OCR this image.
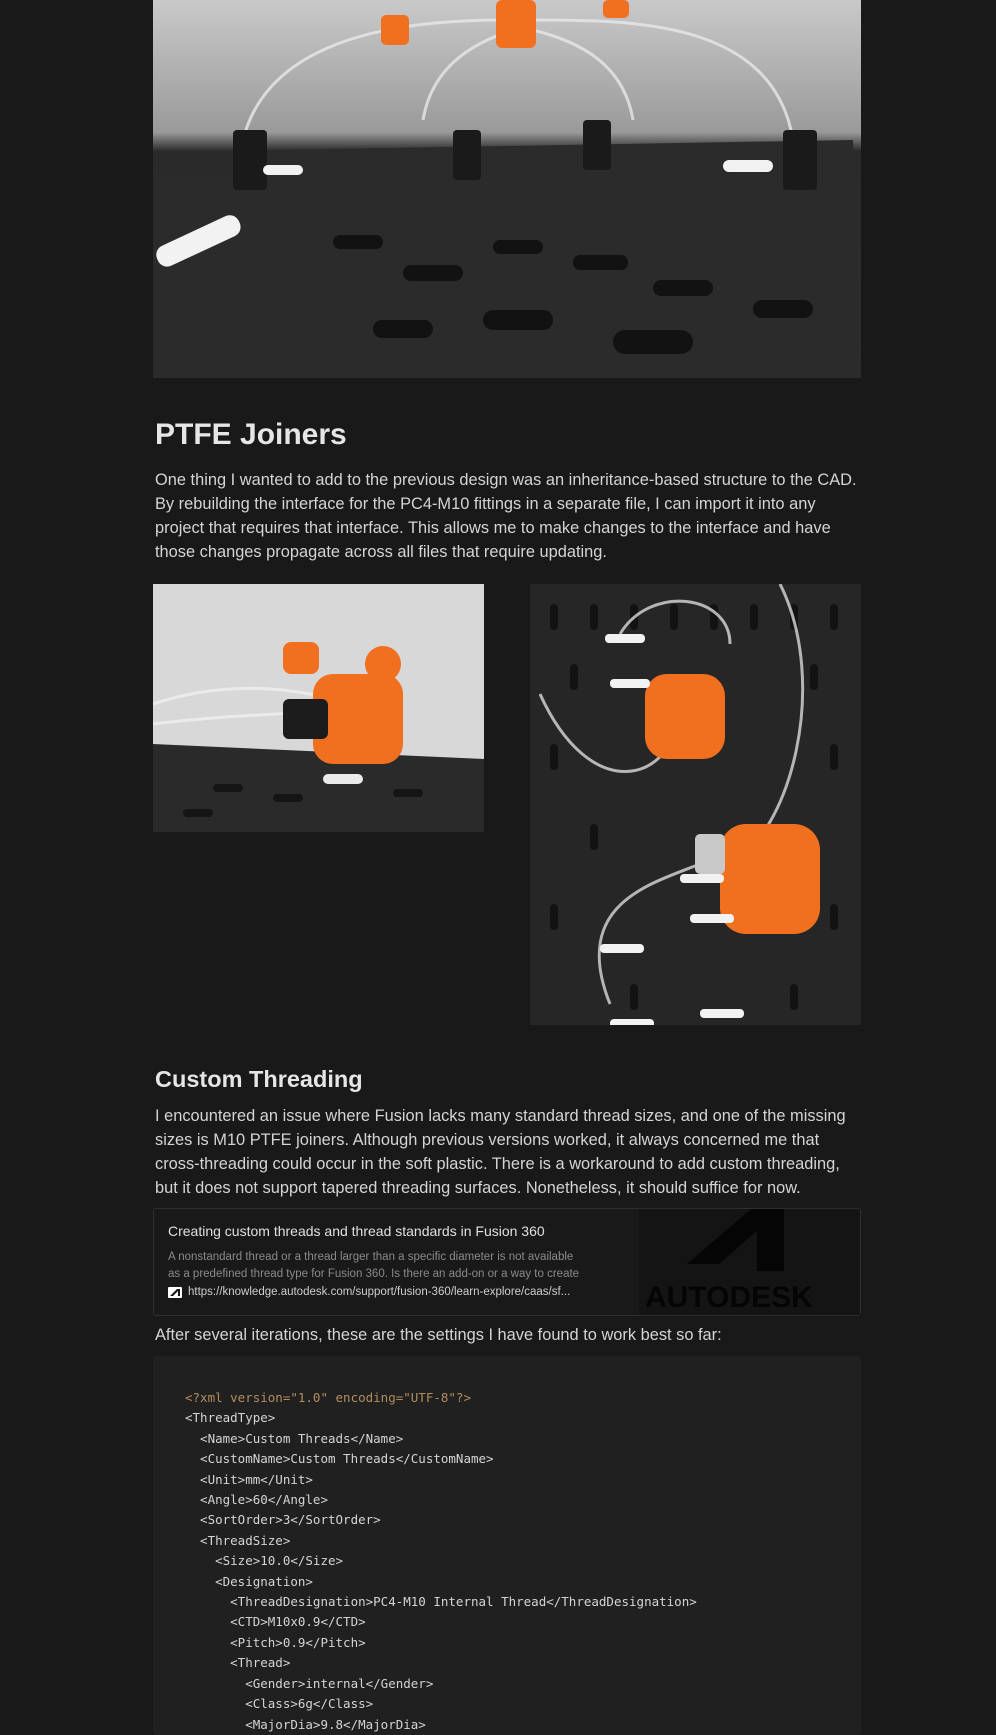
PTFE Joiners

One thing I wanted to add to the previous design was an inheritance-based structure to the CAD. By rebuilding the interface for the PC4-M10 fittings in a separate file, I can import it into any project that requires that interface. This allows me to make changes to the interface and have those changes propagate across all files that require updating.

Custom Threading

I encountered an issue where Fusion lacks many standard thread sizes, and one of the missing sizes is M10 PTFE joiners. Although previous versions worked, it always concerned me that cross-threading could occur in the soft plastic. There is a workaround to add custom threading, but it does not support tapered threading surfaces. Nonetheless, it should suffice for now.

Creating custom threads and thread standards in Fusion 360
A nonstandard thread or a thread larger than a specific diameter is not available as a predefined thread type for Fusion 360. Is there an add-on or a way to create
https://knowledge.autodesk.com/support/fusion-360/learn-explore/caas/sf... AUTODESK

After several iterations, these are the settings I have found to work best so far:

<?xml version="1.0" encoding="UTF-8"?>
<ThreadType>
<Name>Custom Threads</Name>
<CustomName>Custom Threads</CustomName>
<Unit>mm</Unit>
<Angle>60</Angle>
<SortOrder>3</SortOrder>
<ThreadSize>
<Size>10.0</Size>
<Designation>
<ThreadDesignation>PC4-M10 Internal Thread</ThreadDesignation>
<CTD>M10x0.9</CTD>
<Pitch>0.9</Pitch>
<Thread>
<Gender>internal</Gender>
<Class>6g</Class>
<MajorDia>9.8</MajorDia>
